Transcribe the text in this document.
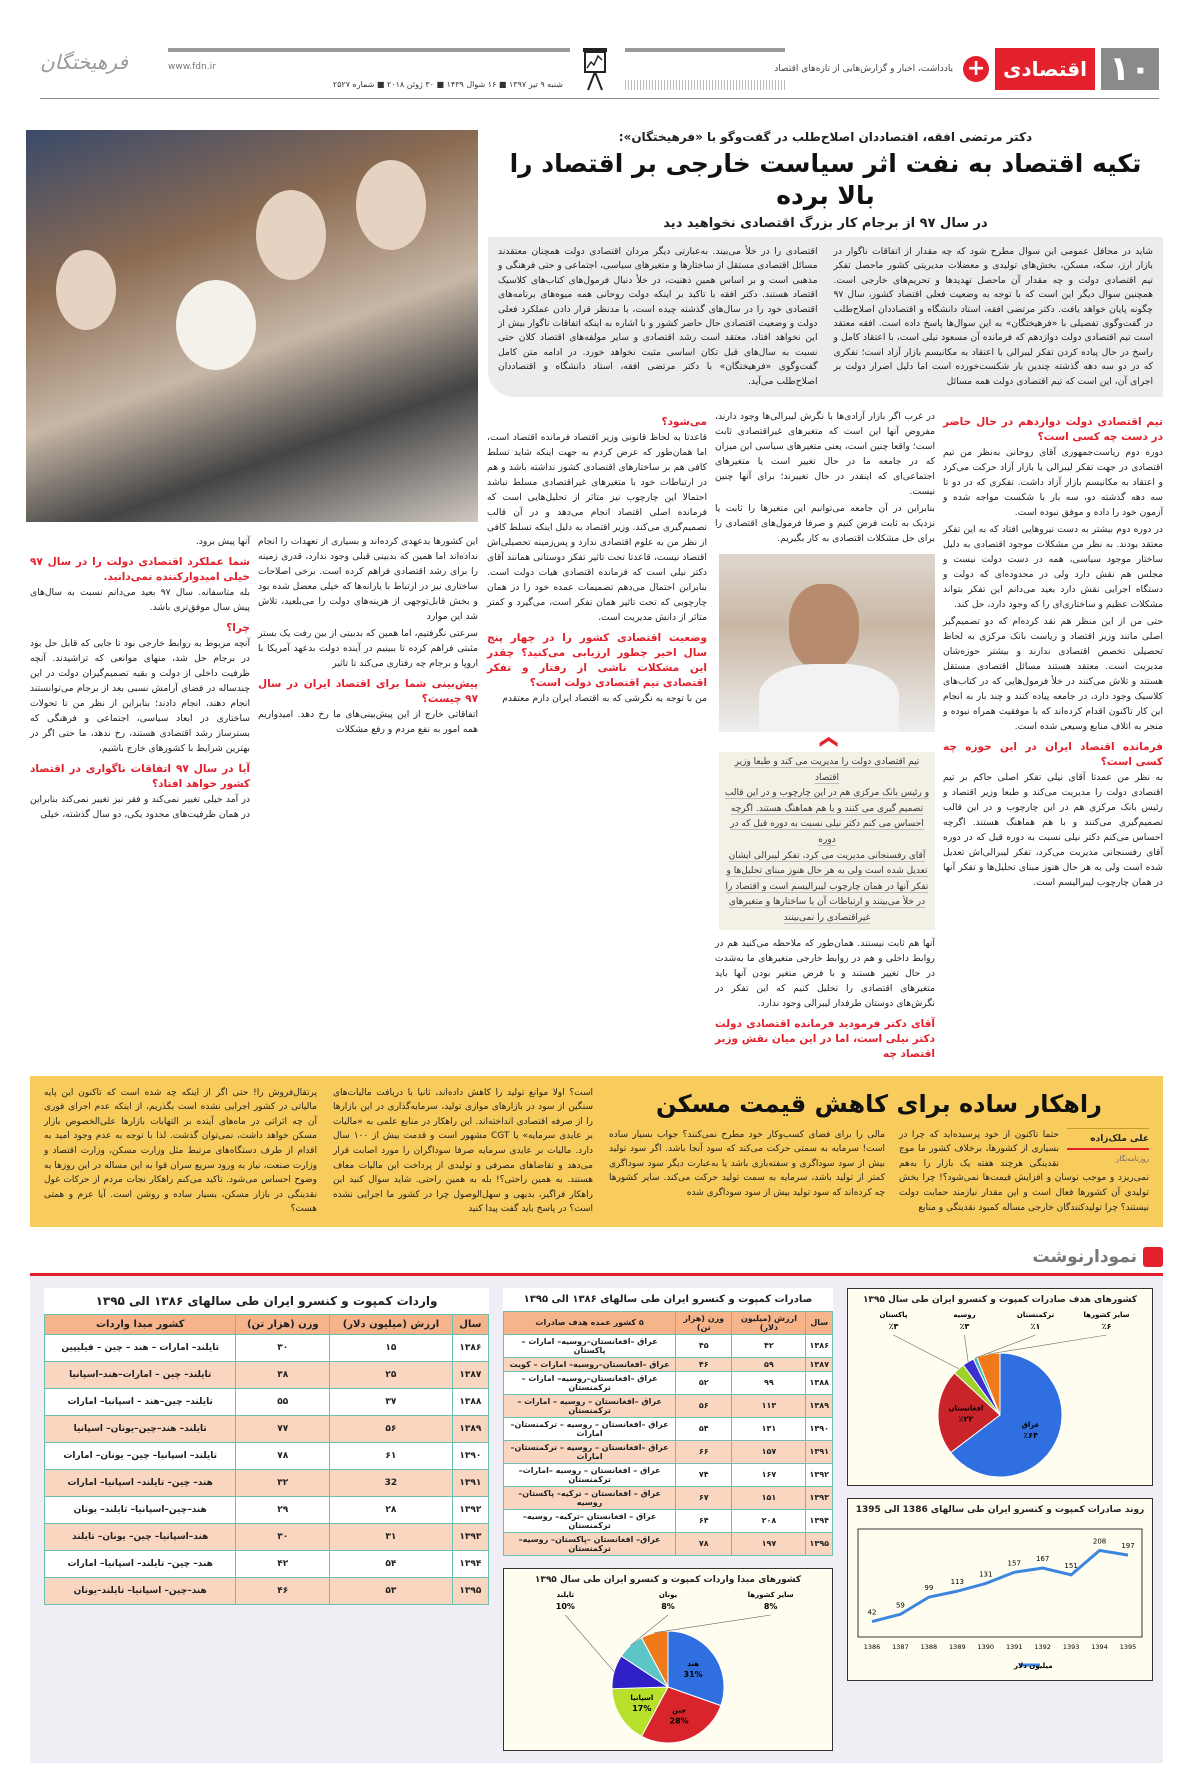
۱۰
اقتصادی
+
یادداشت، اخبار و گزارش‌هایی از تازه‌های اقتصاد
www.fdn.ir
شنبه ۹ تیر ۱۳۹۷ ■ ۱۶ شوال ۱۴۳۹ ■ ۳۰ ژوئن ۲۰۱۸ ■ شماره ۲۵۲۷
فرهیختگان
دکتر مرتضی افقه، اقتصاددان اصلاح‌طلب در گفت‌وگو با «فرهیختگان»:
تکیه اقتصاد به نفت اثر سیاست خارجی بر اقتصاد را بالا برده
در سال ۹۷ از برجام کار بزرگ اقتصادی نخواهید دید

شاید در محافل عمومی این سوال مطرح شود که چه مقدار از اتفاقات ناگوار در بازار ارز، سکه، مسکن، بخش‌های تولیدی و معضلات مدیریتی کشور ماحصل تفکر تیم اقتصادی دولت و چه مقدار آن ماحصل تهدیدها و تحریم‌های خارجی است. همچنین سوال دیگر این است که با توجه به وضعیت فعلی اقتصاد کشور، سال ۹۷ چگونه پایان خواهد یافت. دکتر مرتضی افقه، استاد دانشگاه و اقتصاددان اصلاح‌طلب در گفت‌وگوی تفصیلی با «فرهیختگان» به این سوال‌ها پاسخ داده است. افقه معتقد است تیم اقتصادی دولت دوازدهم که فرمانده آن مسعود نیلی است، با اعتقاد کامل و راسخ در حال پیاده کردن تفکر لیبرالی با اعتقاد به مکانیسم بازار آزاد است؛ تفکری که در دو سه دهه گذشته چندین بار شکست‌خورده است اما دلیل اصرار دولت بر اجرای آن، این است که تیم اقتصادی دولت همه مسائل

اقتصادی را در خلأ می‌بیند. به‌عبارتی دیگر مردان اقتصادی دولت همچنان معتقدند مسائل اقتصادی مستقل از ساختارها و متغیرهای سیاسی، اجتماعی و حتی فرهنگی و مذهبی است و بر اساس همین ذهنیت، در خلأ دنبال فرمول‌های کتاب‌های کلاسیک اقتصاد هستند. دکتر افقه با تاکید بر اینکه دولت روحانی همه میوه‌های برنامه‌های اقتصادی خود را در سال‌های گذشته چیده است، با مدنظر قرار دادن عملکرد فعلی دولت و وضعیت اقتصادی حال حاضر کشور و با اشاره به اینکه اتفاقات ناگوار بیش از این نخواهد افتاد، معتقد است رشد اقتصادی و سایر مولفه‌های اقتصاد کلان حتی نسبت به سال‌های قبل تکان اساسی مثبت نخواهد خورد. در ادامه متن کامل گفت‌وگوی «فرهیختگان» با دکتر مرتضی افقه، استاد دانشگاه و اقتصاددان اصلاح‌طلب می‌آید.

تیم اقتصادی دولت دوازدهم در حال حاضر در دست چه کسی است؟

دوره دوم ریاست‌جمهوری آقای روحانی به‌نظر من تیم اقتصادی در جهت تفکر لیبرالی یا بازار آزاد حرکت می‌کرد و اعتقاد به مکانیسم بازار آزاد داشت. تفکری که در دو تا سه دهه گذشته دو، سه بار با شکست مواجه شده و آزمون خود را داده و موفق نبوده است.

در دوره دوم بیشتر به دست نیروهایی افتاد که به این تفکر معتقد بودند. به نظر من مشکلات موجود اقتصادی به دلیل ساختار موجود سیاسی، همه در دست دولت نیست و مجلس هم نقش دارد ولی در محدوده‌ای که دولت و دستگاه اجرایی نقش دارد بعید می‌دانم این تفکر بتواند مشکلات عظیم و ساختاری‌ای را که وجود دارد، حل کند.

حتی من از این منظر هم نقد کرده‌ام که دو تصمیم‌گیر اصلی مانند وزیر اقتصاد و ریاست بانک مرکزی به لحاظ تحصیلی تخصص اقتصادی ندارند و بیشتر حوزه‌شان مدیریت است. معتقد هستند مسائل اقتصادی مستقل هستند و تلاش می‌کنند در خلأ فرمول‌هایی که در کتاب‌های کلاسیک وجود دارد، در جامعه پیاده کنند و چند بار به انجام این کار تاکنون اقدام کرده‌اند که با موفقیت همراه نبوده و منجر به اتلاف منابع وسیعی شده است.

فرمانده اقتصاد ایران در این حوزه چه کسی است؟

به نظر من عمدتا آقای نیلی تفکر اصلی حاکم بر تیم اقتصادی دولت را مدیریت می‌کند و طبعا وزیر اقتصاد و رئیس بانک مرکزی هم در این چارچوب و در این قالب تصمیم‌گیری می‌کنند و با هم هماهنگ هستند. اگرچه احساس می‌کنم دکتر نیلی نسبت به دوره قبل که در دوره آقای رفسنجانی مدیریت می‌کرد، تفکر لیبرالی‌اش تعدیل شده است ولی به هر حال هنوز مبنای تحلیل‌ها و تفکر آنها در همان چارچوب لیبرالیسم است.

در غرب اگر بازار آزادی‌ها با نگرش لیبرالی‌ها وجود دارند، مفروض آنها این است که متغیرهای غیراقتصادی ثابت است؛ واقعا چنین است، یعنی متغیرهای سیاسی این میزان که در جامعه ما در حال تغییر است یا متغیرهای اجتماعی‌ای که اینقدر در حال تغییرند؛ برای آنها چنین نیست.

بنابراین در آن جامعه می‌توانیم این متغیرها را ثابت یا نزدیک به ثابت فرض کنیم و صرفا فرمول‌های اقتصادی را برای حل مشکلات اقتصادی به کار بگیریم.

❯
تیم اقتصادی دولت را مدیریت می کند و طبعا وزیر اقتصاد
و رئیس بانک مرکزی هم در این چارچوب و در این قالب
تصمیم گیری می کنند و با هم هماهنگ هستند. اگرچه
احساس می کنم دکتر نیلی نسبت به دوره قبل که در دوره
آقای رفسنجانی مدیریت می کرد، تفکر لیبرالی ایشان
تعدیل شده است ولی به هر حال هنوز مبنای تحلیل‌ها و
تفکر آنها در همان چارچوب لیبرالیسم است و اقتصاد را
در خلأ می‌بینند و ارتباطات آن با ساختارها و متغیرهای
غیراقتصادی را نمی‌بینند

آنها هم ثابت نیستند. همان‌طور که ملاحظه می‌کنید هم در روابط داخلی و هم در روابط خارجی متغیرهای ما به‌شدت در حال تغییر هستند و با فرض متغیر بودن آنها باید متغیرهای اقتصادی را تحلیل کنیم که این تفکر در نگرش‌های دوستان طرفدار لیبرالی وجود ندارد.

آقای دکتر فرمودید فرمانده اقتصادی دولت دکتر نیلی است، اما در این میان نقش وزیر اقتصاد چه
می‌شود؟

قاعدتا به لحاظ قانونی وزیر اقتصاد فرمانده اقتصاد است، اما همان‌طور که عرض کردم به جهت اینکه شاید تسلط کافی هم بر ساختارهای اقتصادی کشور نداشته باشد و هم در ارتباطات خود با متغیرهای غیراقتصادی مسلط نباشد احتمالا این چارچوب نیز متاثر از تحلیل‌هایی است که فرمانده اصلی اقتصاد انجام می‌دهد و در آن قالب تصمیم‌گیری می‌کند. وزیر اقتصاد به دلیل اینکه تسلط کافی از نظر من به علوم اقتصادی ندارد و پس‌زمینه تحصیلی‌اش اقتصاد نیست، قاعدتا تحت تاثیر تفکر دوستانی همانند آقای دکتر نیلی است که فرمانده اقتصادی هیات دولت است. بنابراین احتمال می‌دهم تصمیمات عمده خود را در همان چارچوبی که تحت تاثیر همان تفکر است، می‌گیرد و کمتر متاثر از دانش مدیریت است.

وضعیت اقتصادی کشور را در چهار پنج سال اخیر چطور ارزیابی می‌کنید؟ چقدر این مشکلات ناشی از رفتار و تفکر اقتصادی تیم اقتصادی دولت است؟

من با توجه به نگرشی که به اقتصاد ایران دارم معتقدم

این کشورها بدعهدی کرده‌اند و بسیاری از تعهدات را انجام نداده‌اند اما همین که بدبینی قبلی وجود ندارد، قدری زمینه را برای رشد اقتصادی فراهم کرده است. برخی اصلاحات ساختاری نیز در ارتباط با یارانه‌ها که خیلی معضل شده بود و بخش قابل‌توجهی از هزینه‌های دولت را می‌بلعید، تلاش شد این موارد

سرعتی نگرفتیم، اما همین که بدبینی از بین رفت یک بستر مثبتی فراهم کرده تا ببینیم در آینده دولت بدعهد آمریکا با اروپا و برجام چه رفتاری می‌کند تا تاثیر

پیش‌بینی شما برای اقتصاد ایران در سال ۹۷ چیست؟

اتفاقاتی خارج از این پیش‌بینی‌های ما رخ دهد. امیدواریم همه امور به نفع مردم و رفع مشکلات

آنها پیش برود.

شما عملکرد اقتصادی دولت را در سال ۹۷ خیلی امیدوارکننده نمی‌دانید.

بله متاسفانه. سال ۹۷ بعید می‌دانم نسبت به سال‌های پیش سال موفق‌تری باشد.

چرا؟

آنچه مربوط به روابط خارجی بود تا جایی که قابل حل بود در برجام حل شد، منهای موانعی که تراشیدند. آنچه ظرفیت داخلی از دولت و بقیه تصمیم‌گیران دولت در این چندساله در فضای آرامش نسبی بعد از برجام می‌توانستند انجام دهند، انجام دادند؛ بنابراین از نظر من تا تحولات ساختاری در ابعاد سیاسی، اجتماعی و فرهنگی که بسترساز رشد اقتصادی هستند، رخ ندهد، ما حتی اگر در بهترین شرایط با کشورهای خارج باشیم،

آیا در سال ۹۷ اتفاقات ناگواری در اقتصاد کشور خواهد افتاد؟

در آمد خیلی تغییر نمی‌کند و فقر نیز تغییر نمی‌کند بنابراین در همان ظرفیت‌های محدود یکی، دو سال گذشته، خیلی

راهکار ساده برای کاهش قیمت مسکن
علی ملک‌زاده
روزنامه‌نگار

حتما تاکنون از خود پرسیده‌اید که چرا در بسیاری از کشورها، برخلاف کشور ما موج نقدینگی هرچند هفته یک بازار را به‌هم نمی‌ریزد و موجب نوسان و افزایش قیمت‌ها نمی‌شود؟! چرا بخش تولیدی آن کشورها فعال است و این مقدار نیازمند حمایت دولت نیستند؟ چرا تولیدکنندگان خارجی مساله کمبود نقدینگی و منابع

مالی را برای فضای کسب‌وکار خود مطرح نمی‌کنند؟ جواب بسیار ساده است! سرمایه به سمتی حرکت می‌کند که سود آنجا باشد. اگر سود تولید بیش از سود سوداگری و سفته‌بازی باشد یا به‌عبارت دیگر سود سوداگری کمتر از تولید باشد، سرمایه به سمت تولید حرکت می‌کند. سایر کشورها چه کرده‌اند که سود تولید بیش از سود سوداگری شده

است؟ اولا موانع تولید را کاهش داده‌اند، ثانیا با دریافت مالیات‌های سنگین از سود در بازارهای موازی تولید، سرمایه‌گذاری در این بازارها را از صرفه اقتصادی انداخته‌اند. این راهکار در منابع علمی به «مالیات بر عایدی سرمایه» یا CGT مشهور است و قدمت بیش از ۱۰۰ سال دارد. مالیات بر عایدی سرمایه صرفا سوداگران را مورد اصابت قرار می‌دهد و تقاضاهای مصرفی و تولیدی از پرداخت این مالیات معاف هستند. به همین راحتی؟! بله به همین راحتی. شاید سوال کنید این راهکار فراگیر، بدیهی و سهل‌الوصول چرا در کشور ما اجرایی نشده است؟ در پاسخ باید گفت پیدا کنید

پرتقال‌فروش را! حتی اگر از اینکه چه شده است که تاکنون این پایه مالیاتی در کشور اجرایی نشده است بگذریم، از اینکه عدم اجرای فوری آن چه اثراتی در ماه‌های آینده بر التهابات بازارها علی‌الخصوص بازار مسکن خواهد داشت، نمی‌توان گذشت. لذا با توجه به عدم وجود امید به اقدام از طرف دستگاه‌های مرتبط مثل وزارت مسکن، وزارت اقتصاد و وزارت صنعت، نیاز به ورود سریع سران قوا به این مساله در این روزها به وضوح احساس می‌شود. تاکید می‌کنم راهکار نجات مردم از حرکات غول نقدینگی در بازار مسکن، بسیار ساده و روشن است. آیا عزم و همتی هست؟

نمودارنوشت
کشورهای هدف صادرات کمپوت و کنسرو ایران طی سال ۱۳۹۵
عراق
٪۶۴
افغانستان
٪۲۲
پاکستان
٪۳
روسیه
٪۳
ترکمنستان
٪۱
سایر کشورها
٪۶
روند صادرات کمپوت و کنسرو ایران طی سالهای 1386 الی 1395
42
1386
59
1387
99
1388
113
1389
131
1390
157
1391
167
1392
151
1393
208
1394
197
1395
میلیون دلار
صادرات کمپوت و کنسرو ایران طی سالهای ۱۳۸۶ الی ۱۳۹۵
سال	ارزش (میلیون دلار)	وزن (هزار تن)	۵ کشور عمده هدف صادرات
۱۳۸۶	۴۲	۴۵	عراق –افغانستان–روسیه– امارات – پاکستان
۱۳۸۷	۵۹	۴۶	عراق –افغانستان–روسیه– امارات – کویت
۱۳۸۸	۹۹	۵۲	عراق –افغانستان–روسیه– امارات – ترکمنستان
۱۳۸۹	۱۱۳	۵۶	عراق –افغانستان – روسیه – امارات – ترکمنستان
۱۳۹۰	۱۳۱	۵۴	عراق –افغانستان – روسیه – ترکمنستان– امارات
۱۳۹۱	۱۵۷	۶۶	عراق –افغانستان – روسیه – ترکمنستان– امارات
۱۳۹۲	۱۶۷	۷۴	عراق – افغانستان – روسیه –امارات– ترکمنستان
۱۳۹۳	۱۵۱	۶۷	عراق – افغانستان – ترکیه– پاکستان– روسیه
۱۳۹۴	۲۰۸	۶۴	عراق – افغانستان –ترکیه– روسیه– ترکمنستان
۱۳۹۵	۱۹۷	۷۸	عراق– افغانستان –پاکستان– روسیه–ترکمنستان
کشورهای مبدا واردات کمپوت و کنسرو ایران طی سال ۱۳۹۵
هند
31%
چین
28%
اسپانیا
17%
تایلند
10%
یونان
8%
سایر کشورها
8%
واردات کمپوت و کنسرو ایران طی سالهای ۱۳۸۶ الی ۱۳۹۵
سال	ارزش (میلیون دلار)	وزن (هزار تن)	کشور مبدا واردات
۱۳۸۶	۱۵	۳۰	تایلند– امارات – هند – چین – فیلیپین
۱۳۸۷	۲۵	۳۸	تایلند– چین – امارات–هند–اسپانیا
۱۳۸۸	۳۷	۵۵	تایلند– چین–هند – اسپانیا– امارات
۱۳۸۹	۵۶	۷۷	تایلند– هند–چین–یونان– اسپانیا
۱۳۹۰	۶۱	۷۸	تایلند– اسپانیا– چین– یونان– امارات
۱۳۹۱	32	۳۲	هند– چین– تایلند– اسپانیا– امارات
۱۳۹۲	۲۸	۲۹	هند–چین–اسپانیا– تایلند– یونان
۱۳۹۳	۳۱	۳۰	هند–اسپانیا– چین– یونان– تایلند
۱۳۹۴	۵۴	۴۲	هند– چین– تایلند– اسپانیا– امارات
۱۳۹۵	۵۳	۴۶	هند–چین– اسپانیا– تایلند–یونان
